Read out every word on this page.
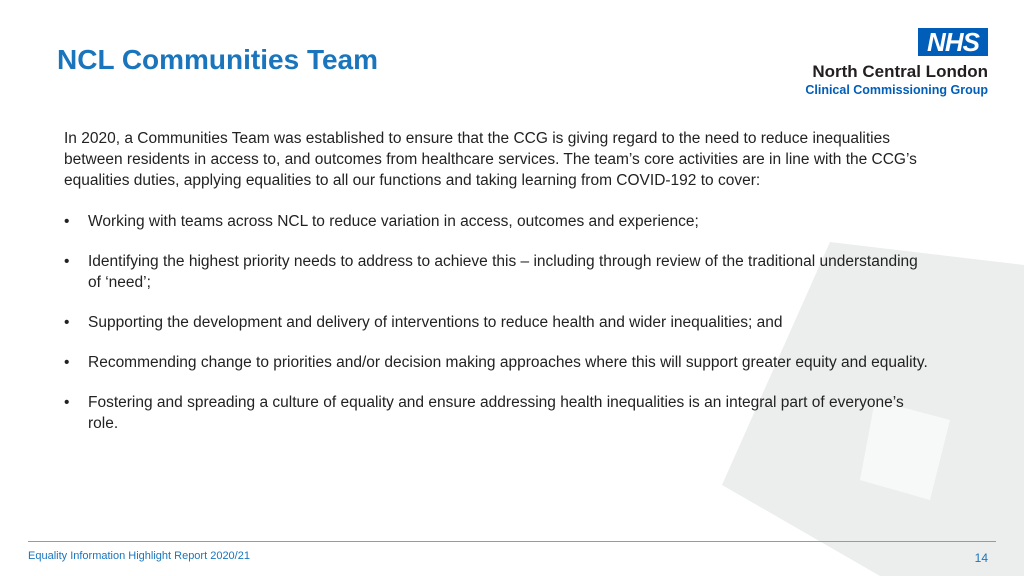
NCL Communities Team
NHS
North Central London
Clinical Commissioning Group

In 2020, a Communities Team was established to ensure that the CCG is giving regard to the need to reduce inequalities between residents in access to, and outcomes from healthcare services. The team’s core activities are in line with the CCG’s equalities duties, applying equalities to all our functions and taking learning from COVID-192 to cover:

• Working with teams across NCL to reduce variation in access, outcomes and experience;
• Identifying the highest priority needs to address to achieve this – including through review of the traditional understanding of ‘need’;
• Supporting the development and delivery of interventions to reduce health and wider inequalities; and
• Recommending change to priorities and/or decision making approaches where this will support greater equity and equality.
• Fostering and spreading a culture of equality and ensure addressing health inequalities is an integral part of everyone’s role.
Equality Information Highlight Report 2020/21	14
